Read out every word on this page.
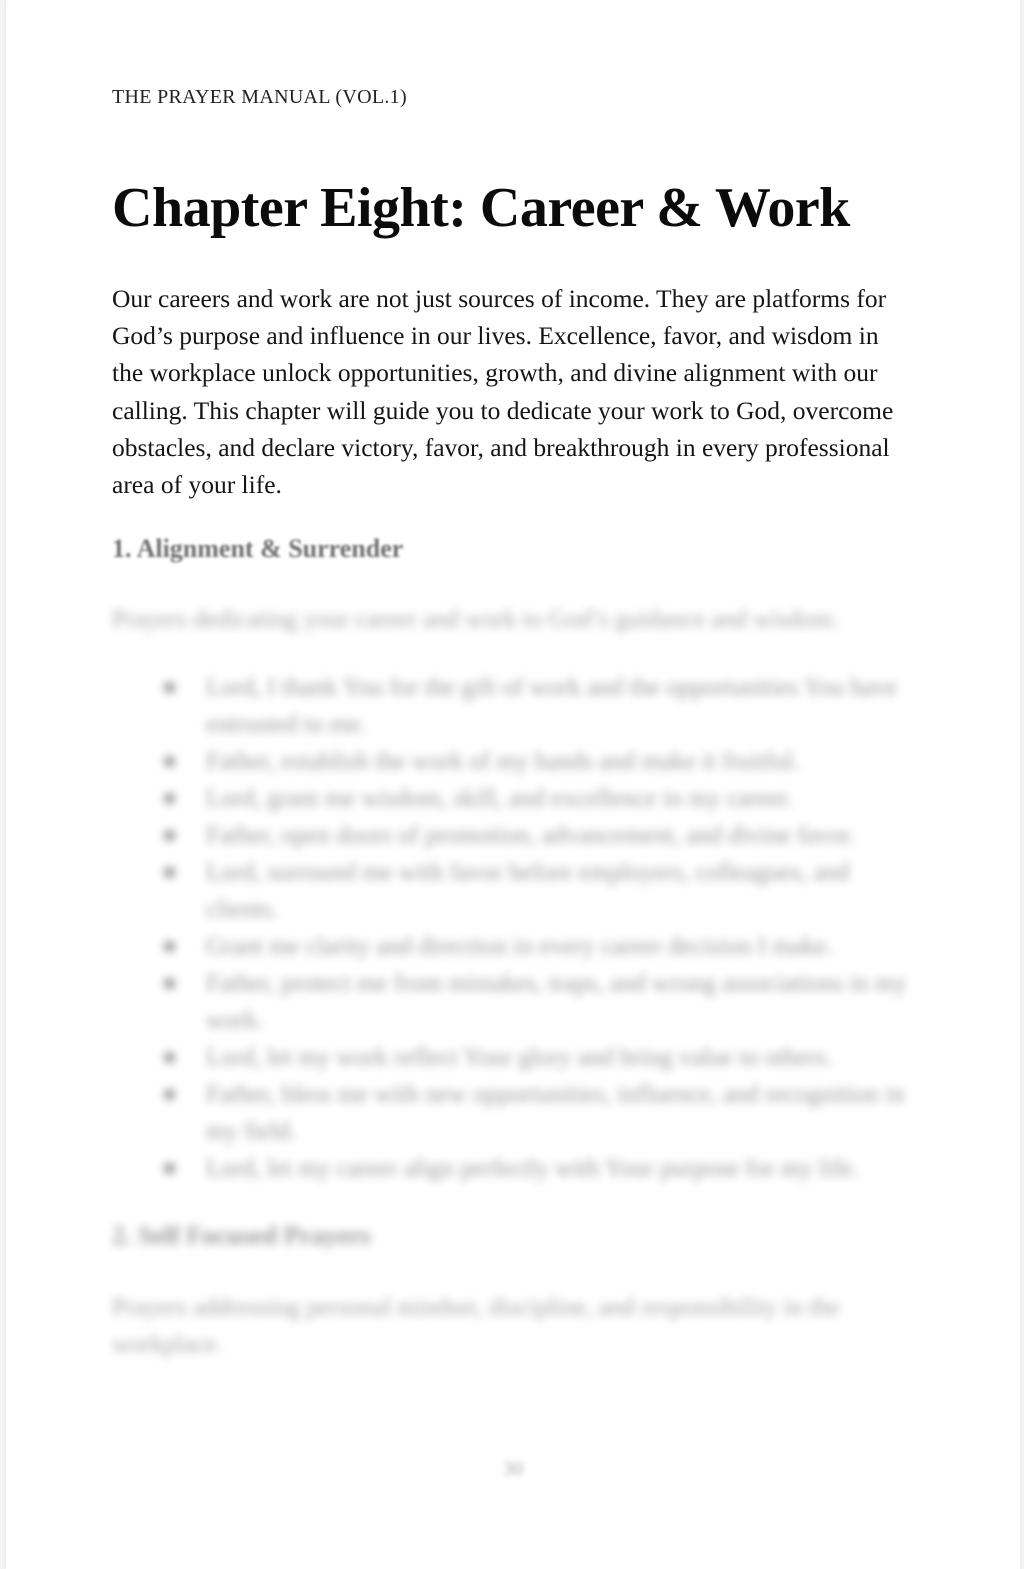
THE PRAYER MANUAL (VOL.1)
Chapter Eight: Career & Work

Our careers and work are not just sources of income. They are platforms for God’s purpose and influence in our lives. Excellence, favor, and wisdom in the workplace unlock opportunities, growth, and divine alignment with our calling. This chapter will guide you to dedicate your work to God, overcome obstacles, and declare victory, favor, and breakthrough in every professional area of your life.

1. Alignment & Surrender

Prayers dedicating your career and work to God’s guidance and wisdom.

Lord, I thank You for the gift of work and the opportunities You have entrusted to me.
Father, establish the work of my hands and make it fruitful.
Lord, grant me wisdom, skill, and excellence in my career.
Father, open doors of promotion, advancement, and divine favor.
Lord, surround me with favor before employers, colleagues, and clients.
Grant me clarity and direction in every career decision I make.
Father, protect me from mistakes, traps, and wrong associations in my work.
Lord, let my work reflect Your glory and bring value to others.
Father, bless me with new opportunities, influence, and recognition in my field.
Lord, let my career align perfectly with Your purpose for my life.
2. Self Focused Prayers

Prayers addressing personal mindset, discipline, and responsibility in the workplace.

30
